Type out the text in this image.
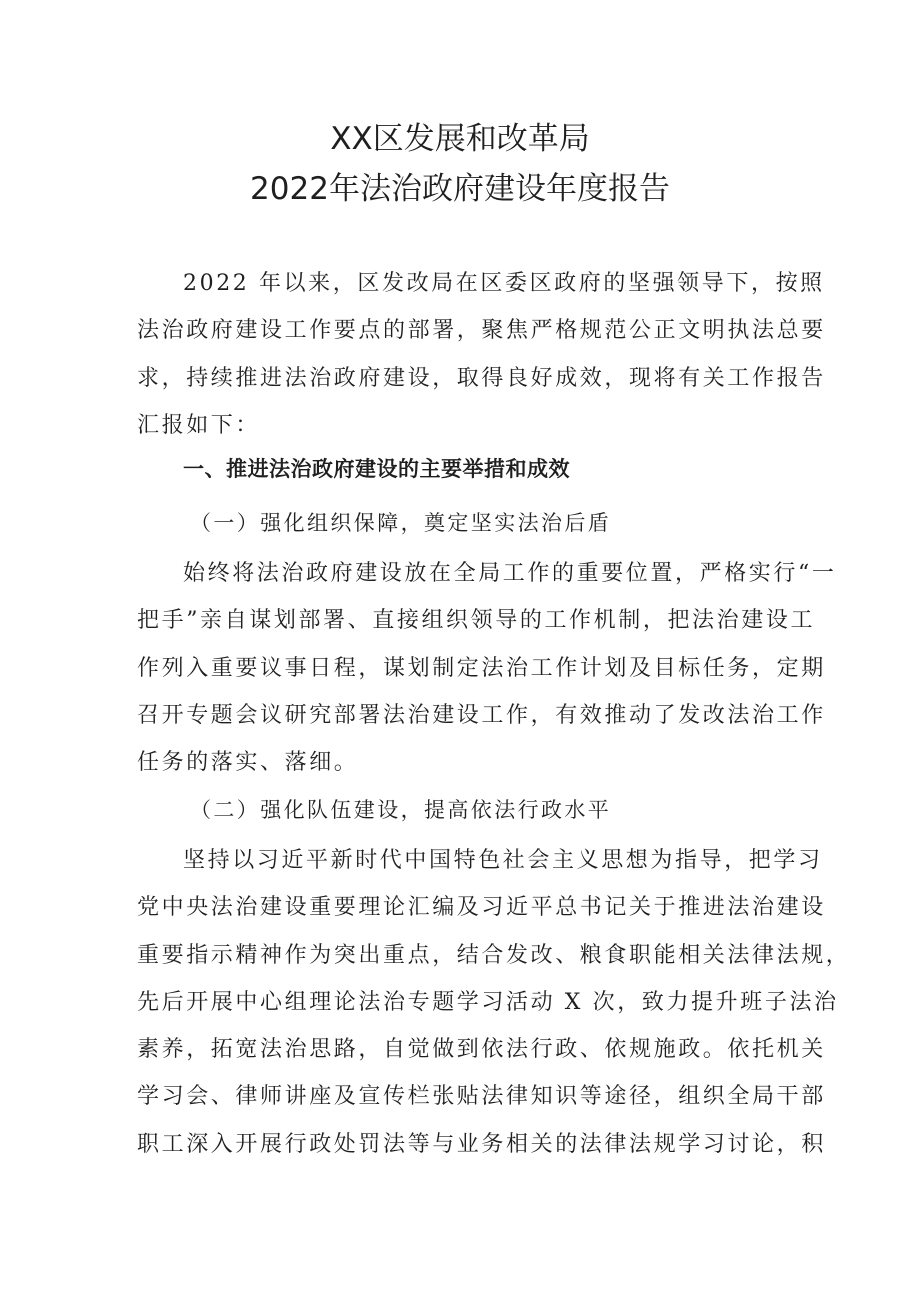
XX区发展和改革局
2022年法治政府建设年度报告
2022 年以来，区发改局在区委区政府的坚强领导下，按照
法治政府建设工作要点的部署，聚焦严格规范公正文明执法总要
求，持续推进法治政府建设，取得良好成效，现将有关工作报告
汇报如下：
一、推进法治政府建设的主要举措和成效
（一）强化组织保障，奠定坚实法治后盾
始终将法治政府建设放在全局工作的重要位置，严格实行“一
把手”亲自谋划部署、直接组织领导的工作机制，把法治建设工
作列入重要议事日程，谋划制定法治工作计划及目标任务，定期
召开专题会议研究部署法治建设工作，有效推动了发改法治工作
任务的落实、落细。
（二）强化队伍建设，提高依法行政水平
坚持以习近平新时代中国特色社会主义思想为指导，把学习
党中央法治建设重要理论汇编及习近平总书记关于推进法治建设
重要指示精神作为突出重点，结合发改、粮食职能相关法律法规，
先后开展中心组理论法治专题学习活动 X 次，致力提升班子法治
素养，拓宽法治思路，自觉做到依法行政、依规施政。依托机关
学习会、律师讲座及宣传栏张贴法律知识等途径，组织全局干部
职工深入开展行政处罚法等与业务相关的法律法规学习讨论，积
